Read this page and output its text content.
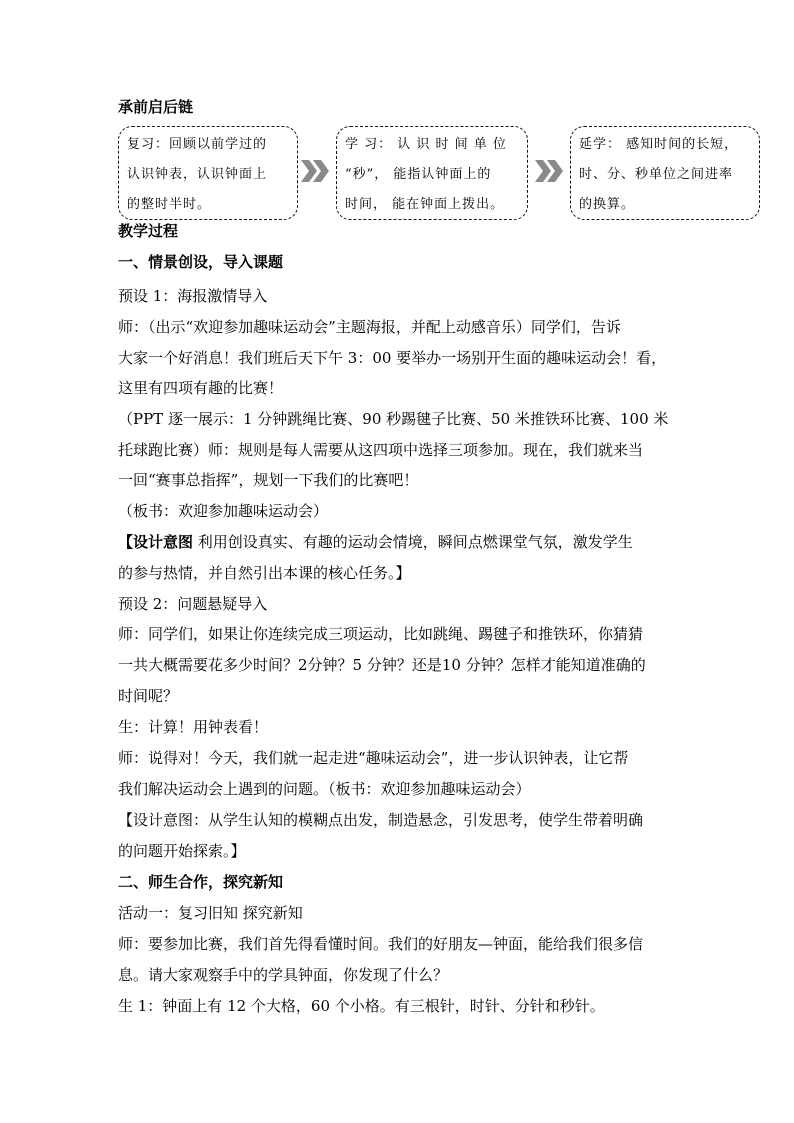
承前启后链
复习：回顾以前学过的
认识钟表，认识钟面上
的整时半时。
学 习： 认 识 时 间 单 位
“秒”， 能指认钟面上的
时间， 能在钟面上拨出。
延学： 感知时间的长短，
时、分、秒单位之间进率
的换算。
教学过程
一、情景创设，导入课题
预设 1：海报激情导入
师：（出示“欢迎参加趣味运动会”主题海报，并配上动感音乐）同学们，告诉
大家一个好消息！我们班后天下午 3：00 要举办一场别开生面的趣味运动会！看，
这里有四项有趣的比赛！
（PPT 逐一展示：1 分钟跳绳比赛、90 秒踢毽子比赛、50 米推铁环比赛、100 米
托球跑比赛）师：规则是每人需要从这四项中选择三项参加。现在，我们就来当
一回“赛事总指挥”，规划一下我们的比赛吧！
（板书：欢迎参加趣味运动会）
【设计意图 利用创设真实、有趣的运动会情境，瞬间点燃课堂气氛，激发学生
的参与热情，并自然引出本课的核心任务。】
预设 2：问题悬疑导入
师：同学们，如果让你连续完成三项运动，比如跳绳、踢毽子和推铁环，你猜猜
一共大概需要花多少时间？2分钟？5 分钟？还是10 分钟？怎样才能知道准确的
时间呢？
生：计算！用钟表看！
师：说得对！今天，我们就一起走进“趣味运动会”，进一步认识钟表，让它帮
我们解决运动会上遇到的问题。（板书：欢迎参加趣味运动会）
【设计意图：从学生认知的模糊点出发，制造悬念，引发思考，使学生带着明确
的问题开始探索。】
二、师生合作，探究新知
活动一：复习旧知 探究新知
师：要参加比赛，我们首先得看懂时间。我们的好朋友—钟面，能给我们很多信
息。请大家观察手中的学具钟面，你发现了什么？
生 1：钟面上有 12 个大格，60 个小格。有三根针，时针、分针和秒针。
